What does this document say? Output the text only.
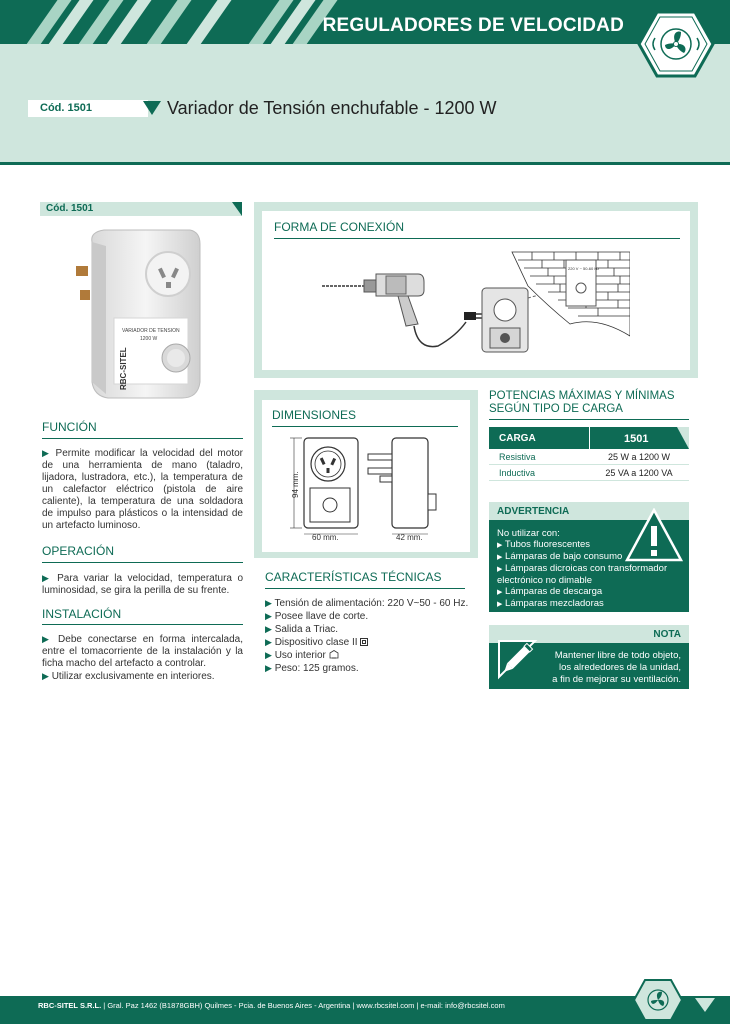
REGULADORES DE VELOCIDAD
Cód. 1501	Variador de Tensión enchufable - 1200 W
Cód. 1501
VARIADOR DE TENSION
1200 W
RBC-SITEL
FUNCIÓN
▶ Permite modificar la velocidad del motor de una herramienta de mano (taladro, lijadora, lustradora, etc.), la temperatura de un calefactor eléctrico (pistola de aire caliente), la temperatura de una soldadora de impulso para plásticos o la intensidad de un artefacto luminoso.
OPERACIÓN
▶ Para variar la velocidad, temperatura o luminosidad, se gira la perilla de su frente.
INSTALACIÓN
▶ Debe conectarse en forma intercalada, entre el tomacorriente de la instalación y la ficha macho del artefacto a controlar.
▶ Utilizar exclusivamente en interiores.
FORMA DE CONEXIÓN
220 V ~ 50-60 Hz
DIMENSIONES
94 mm.
60 mm.	42 mm.
CARACTERÍSTICAS TÉCNICAS
▶ Tensión de alimentación: 220 V~50 - 60 Hz.
▶ Posee llave de corte.
▶ Salida a Triac.
▶ Dispositivo clase II
▶ Uso interior
▶ Peso: 125 gramos.
POTENCIAS MÁXIMAS Y MÍNIMAS
SEGÚN TIPO DE CARGA
CARGA	1501
Resistiva	25 W a 1200 W
Inductiva	25 VA a 1200 VA
ADVERTENCIA
No utilizar con:
▶ Tubos fluorescentes
▶ Lámparas de bajo consumo
▶ Lámparas dicroicas con transformador electrónico no dimable
▶ Lámparas de descarga
▶ Lámparas mezcladoras
NOTA
Mantener libre de todo objeto,
los alrededores de la unidad,
a fin de mejorar su ventilación.
RBC-SITEL S.R.L. | Gral. Paz 1462 (B1878GBH) Quilmes - Pcia. de Buenos Aires - Argentina | www.rbcsitel.com | e-mail: info@rbcsitel.com
